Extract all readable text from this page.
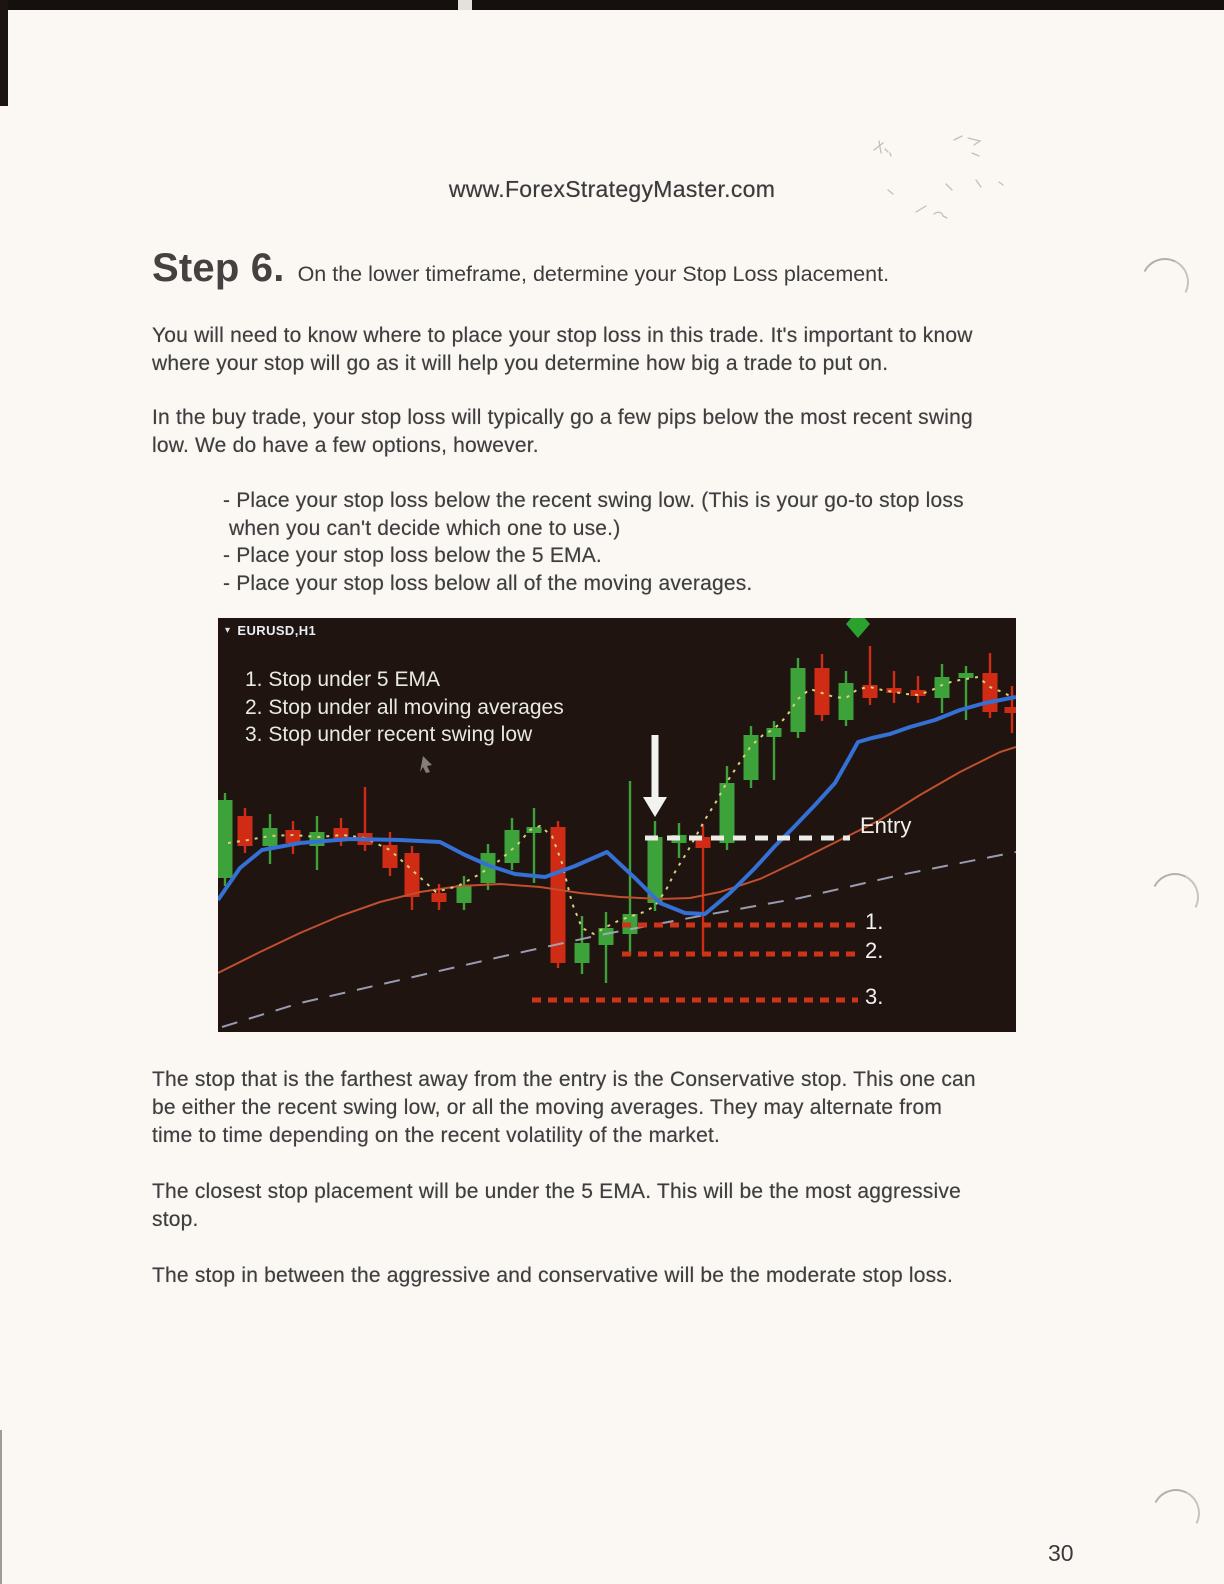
www.ForexStrategyMaster.com
Step 6. On the lower timeframe, determine your Stop Loss placement.
You will need to know where to place your stop loss in this trade. It's important to know
where your stop will go as it will help you determine how big a trade to put on.
In the buy trade, your stop loss will typically go a few pips below the most recent swing
low. We do have a few options, however.
- Place your stop loss below the recent swing low. (This is your go-to stop loss
when you can't decide which one to use.)
- Place your stop loss below the 5 EMA.
- Place your stop loss below all of the moving averages.
▾ EURUSD,H1
1. Stop under 5 EMA
2. Stop under all moving averages
3. Stop under recent swing low
Entry
1.
2.
3.
The stop that is the farthest away from the entry is the Conservative stop. This one can
be either the recent swing low, or all the moving averages. They may alternate from
time to time depending on the recent volatility of the market.
The closest stop placement will be under the 5 EMA. This will be the most aggressive
stop.
The stop in between the aggressive and conservative will be the moderate stop loss.
30
